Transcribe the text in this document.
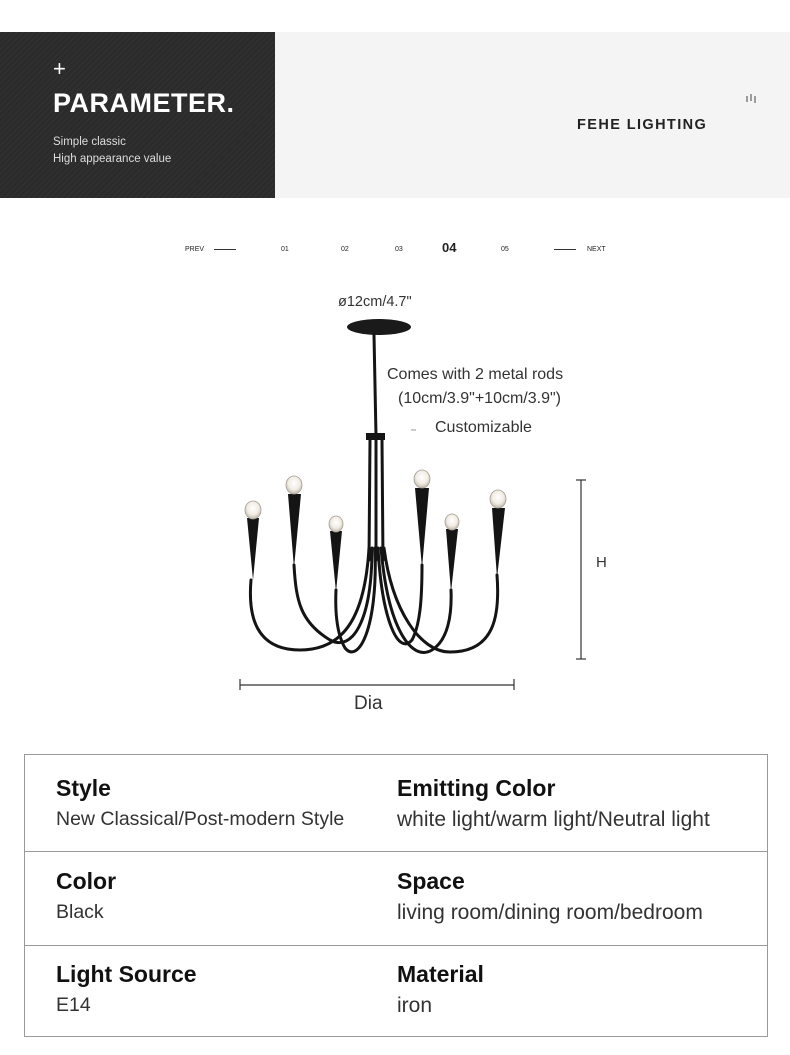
+
PARAMETER.
Simple classic
High appearance value
FEHE LIGHTING
PREV	01	02	03	04	05	NEXT
ø12cm/4.7"
Comes with 2 metal rods
(10cm/3.9"+10cm/3.9")
Customizable
H
Dia
Style
New Classical/Post-modern Style
Emitting Color
white light/warm light/Neutral light
Color
Black
Space
living room/dining room/bedroom
Light Source
E14
Material
iron
